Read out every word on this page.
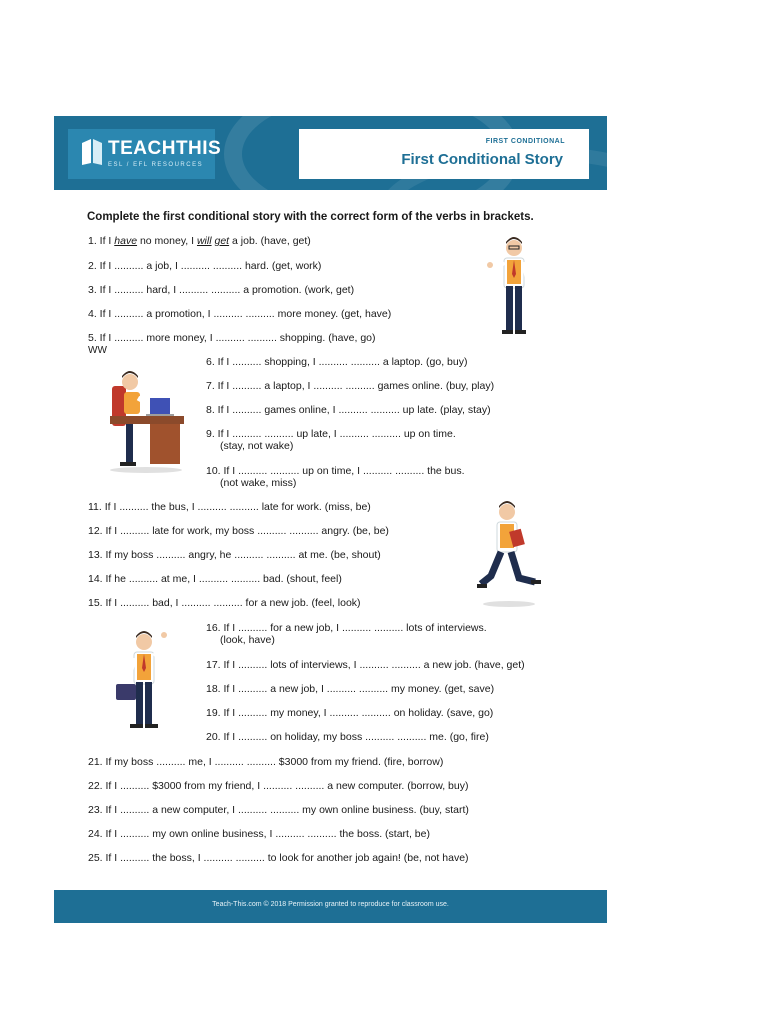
TEACHTHIS
ESL / EFL RESOURCES
FIRST CONDITIONAL
First Conditional Story
Complete the first conditional story with the correct form of the verbs in brackets.
1. If I have no money, I will get a job. (have, get)
2. If I .......... a job, I .......... .......... hard. (get, work)
3. If I .......... hard, I .......... .......... a promotion. (work, get)
4. If I .......... a promotion, I .......... .......... more money. (get, have)
5. If I .......... more money, I .......... .......... shopping. (have, go)
WW
6. If I .......... shopping, I .......... .......... a laptop. (go, buy)
7. If I .......... a laptop, I .......... .......... games online. (buy, play)
8. If I .......... games online, I .......... .......... up late. (play, stay)
9. If I .......... .......... up late, I .......... .......... up on time.
(stay, not wake)
10. If I .......... .......... up on time, I .......... .......... the bus.
(not wake, miss)
11. If I .......... the bus, I .......... .......... late for work. (miss, be)
12. If I .......... late for work, my boss .......... .......... angry. (be, be)
13. If my boss .......... angry, he .......... .......... at me. (be, shout)
14. If he .......... at me, I .......... .......... bad. (shout, feel)
15. If I .......... bad, I .......... .......... for a new job. (feel, look)
16. If I .......... for a new job, I .......... .......... lots of interviews.
(look, have)
17. If I .......... lots of interviews, I .......... .......... a new job. (have, get)
18. If I .......... a new job, I .......... .......... my money. (get, save)
19. If I .......... my money, I .......... .......... on holiday. (save, go)
20. If I .......... on holiday, my boss .......... .......... me. (go, fire)
21. If my boss .......... me, I .......... .......... $3000 from my friend. (fire, borrow)
22. If I .......... $3000 from my friend, I .......... .......... a new computer. (borrow, buy)
23. If I .......... a new computer, I .......... .......... my own online business. (buy, start)
24. If I .......... my own online business, I .......... .......... the boss. (start, be)
25. If I .......... the boss, I .......... .......... to look for another job again! (be, not have)
Teach-This.com © 2018 Permission granted to reproduce for classroom use.
